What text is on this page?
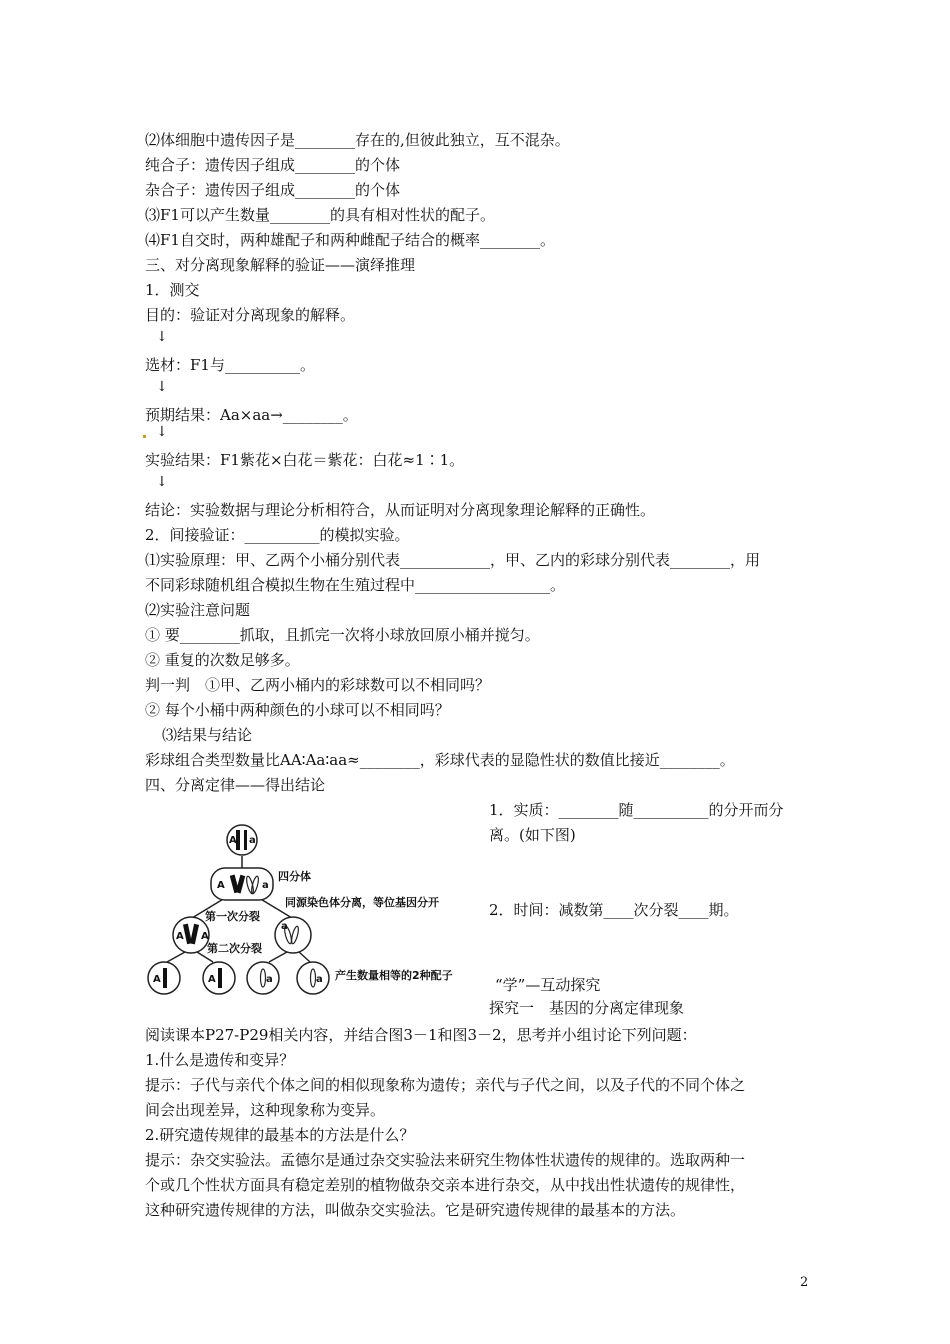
⑵体细胞中遗传因子是________存在的,但彼此独立，互不混杂。
纯合子：遗传因子组成________的个体
杂合子：遗传因子组成________的个体
⑶F1可以产生数量________的具有相对性状的配子。
⑷F1自交时，两种雄配子和两种雌配子结合的概率________。
三、对分离现象解释的验证——演绎推理
1．测交
目的：验证对分离现象的解释。
↓
选材：F1与__________。
↓
预期结果：Aa×aa→________。
↓
实验结果：F1紫花×白花＝紫花：白花≈1∶1。
↓
结论：实验数据与理论分析相符合，从而证明对分离现象理论解释的正确性。
2．间接验证：__________的模拟实验。
⑴实验原理：甲、乙两个小桶分别代表____________，甲、乙内的彩球分别代表________，用
不同彩球随机组合模拟生物在生殖过程中__________________。
⑵实验注意问题
① 要________抓取，且抓完一次将小球放回原小桶并搅匀。
② 重复的次数足够多。
判一判　①甲、乙两小桶内的彩球数可以不相同吗？
② 每个小桶中两种颜色的小球可以不相同吗？
⑶结果与结论
彩球组合类型数量比AA∶Aa∶aa≈________，彩球代表的显隐性状的数值比接近________。
四、分离定律——得出结论
1．实质：________随__________的分开而分
离。(如下图)
2．时间：减数第____次分裂____期。
“学”—互动探究
探究一　基因的分离定律现象
A a
A	a
A A
a
A	A	a	a
四分体
同源染色体分离，等位基因分开
第一次分裂
第二次分裂
产生数量相等的2种配子
阅读课本P27-P29相关内容，并结合图3－1和图3－2，思考并小组讨论下列问题：
1.什么是遗传和变异？
提示：子代与亲代个体之间的相似现象称为遗传；亲代与子代之间，以及子代的不同个体之
间会出现差异，这种现象称为变异。
2.研究遗传规律的最基本的方法是什么？
提示：杂交实验法。孟德尔是通过杂交实验法来研究生物体性状遗传的规律的。选取两种一
个或几个性状方面具有稳定差别的植物做杂交亲本进行杂交，从中找出性状遗传的规律性，
这种研究遗传规律的方法，叫做杂交实验法。它是研究遗传规律的最基本的方法。
2
